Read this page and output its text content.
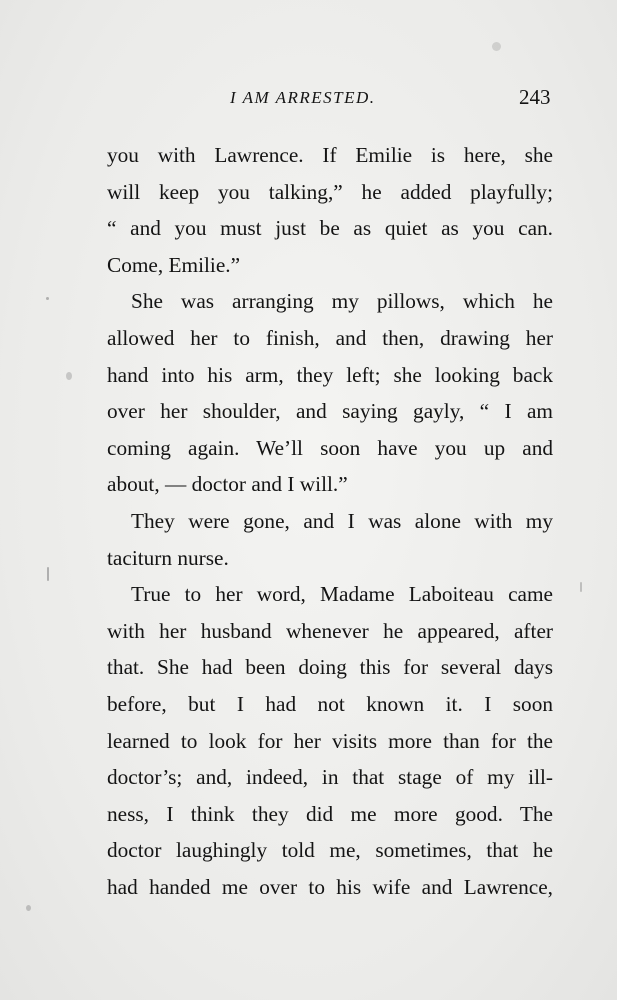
I AM ARRESTED.	243
you with Lawrence. If Emilie is here, she
will keep you talking,” he added playfully;
“ and you must just be as quiet as you can.
Come, Emilie.”
She was arranging my pillows, which he
allowed her to finish, and then, drawing her
hand into his arm, they left; she looking back
over her shoulder, and saying gayly, “ I am
coming again. We’ll soon have you up and
about, — doctor and I will.”
They were gone, and I was alone with my
taciturn nurse.
True to her word, Madame Laboiteau came
with her husband whenever he appeared, after
that. She had been doing this for several days
before, but I had not known it. I soon
learned to look for her visits more than for the
doctor’s; and, indeed, in that stage of my ill-
ness, I think they did me more good. The
doctor laughingly told me, sometimes, that he
had handed me over to his wife and Lawrence,
